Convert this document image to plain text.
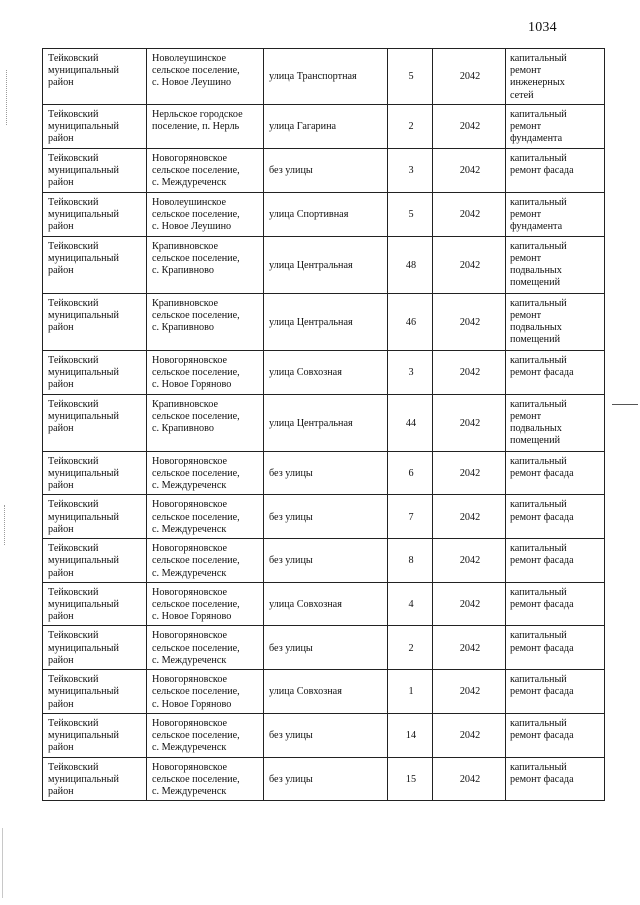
1034
Тейковский
муниципальный
район	Новолеушинское
сельское поселение,
с. Новое Леушино	улица Транспортная	5	2042	капитальный
ремонт
инженерных
сетей

Тейковский
муниципальный
район	Нерльское городское
поселение, п. Нерль	улица Гагарина	2	2042	капитальный
ремонт
фундамента

Тейковский
муниципальный
район	Новогоряновское
сельское поселение,
с. Междуреченск	без улицы	3	2042	капитальный
ремонт фасада

Тейковский
муниципальный
район	Новолеушинское
сельское поселение,
с. Новое Леушино	улица Спортивная	5	2042	капитальный
ремонт
фундамента

Тейковский
муниципальный
район	Крапивновское
сельское поселение,
с. Крапивново	улица Центральная	48	2042	капитальный
ремонт
подвальных
помещений

Тейковский
муниципальный
район	Крапивновское
сельское поселение,
с. Крапивново	улица Центральная	46	2042	капитальный
ремонт
подвальных
помещений

Тейковский
муниципальный
район	Новогоряновское
сельское поселение,
с. Новое Горяново	улица Совхозная	3	2042	капитальный
ремонт фасада

Тейковский
муниципальный
район	Крапивновское
сельское поселение,
с. Крапивново	улица Центральная	44	2042	капитальный
ремонт
подвальных
помещений

Тейковский
муниципальный
район	Новогоряновское
сельское поселение,
с. Междуреченск	без улицы	6	2042	капитальный
ремонт фасада

Тейковский
муниципальный
район	Новогоряновское
сельское поселение,
с. Междуреченск	без улицы	7	2042	капитальный
ремонт фасада

Тейковский
муниципальный
район	Новогоряновское
сельское поселение,
с. Междуреченск	без улицы	8	2042	капитальный
ремонт фасада

Тейковский
муниципальный
район	Новогоряновское
сельское поселение,
с. Новое Горяново	улица Совхозная	4	2042	капитальный
ремонт фасада

Тейковский
муниципальный
район	Новогоряновское
сельское поселение,
с. Междуреченск	без улицы	2	2042	капитальный
ремонт фасада

Тейковский
муниципальный
район	Новогоряновское
сельское поселение,
с. Новое Горяново	улица Совхозная	1	2042	капитальный
ремонт фасада

Тейковский
муниципальный
район	Новогоряновское
сельское поселение,
с. Междуреченск	без улицы	14	2042	капитальный
ремонт фасада

Тейковский
муниципальный
район	Новогоряновское
сельское поселение,
с. Междуреченск	без улицы	15	2042	капитальный
ремонт фасада
